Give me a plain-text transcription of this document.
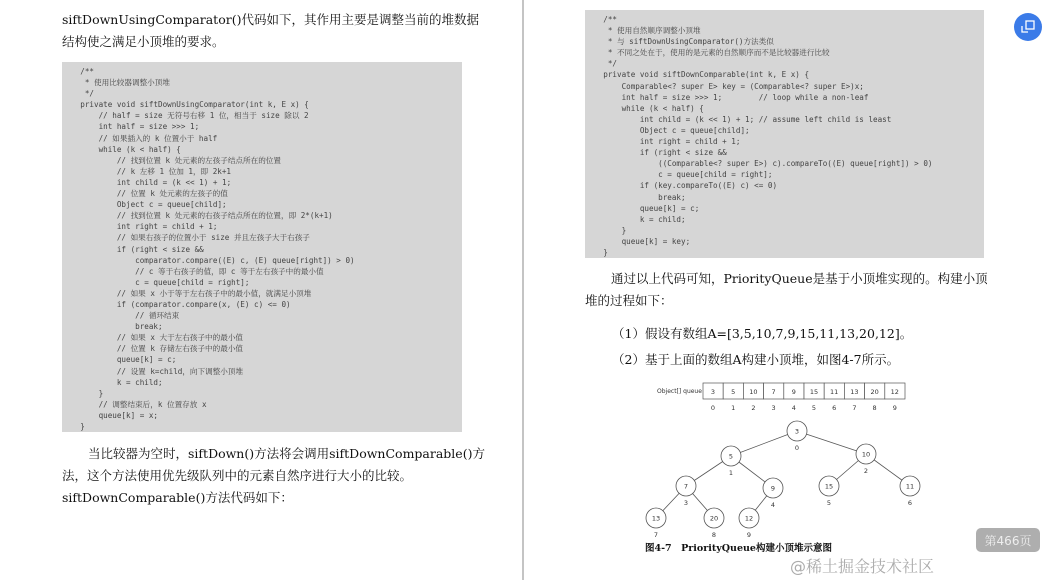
siftDownUsingComparator()代码如下，其作用主要是调整当前的堆数据
结构使之满足小顶堆的要求。
/**
* 使用比较器调整小顶堆
*/
private void siftDownUsingComparator(int k, E x) {
// half = size 无符号右移 1 位，相当于 size 除以 2
int half = size >>> 1;
// 如果插入的 k 位置小于 half
while (k < half) {
// 找到位置 k 处元素的左孩子结点所在的位置
// k 左移 1 位加 1，即 2k+1
int child = (k << 1) + 1;
// 位置 k 处元素的左孩子的值
Object c = queue[child];
// 找到位置 k 处元素的右孩子结点所在的位置，即 2*(k+1)
int right = child + 1;
// 如果右孩子的位置小于 size 并且左孩子大于右孩子
if (right < size &&
comparator.compare((E) c, (E) queue[right]) > 0)
// c 等于右孩子的值，即 c 等于左右孩子中的最小值
c = queue[child = right];
// 如果 x 小于等于左右孩子中的最小值，就满足小顶堆
if (comparator.compare(x, (E) c) <= 0)
// 循环结束
break;
// 如果 x 大于左右孩子中的最小值
// 位置 k 存储左右孩子中的最小值
queue[k] = c;
// 设置 k=child，向下调整小顶堆
k = child;
}
// 调整结束后，k 位置存放 x
queue[k] = x;
}
当比较器为空时，siftDown()方法将会调用siftDownComparable()方
法，这个方法使用优先级队列中的元素自然序进行大小的比较。
siftDownComparable()方法代码如下：
/**
* 使用自然顺序调整小顶堆
* 与 siftDownUsingComparator()方法类似
* 不同之处在于，使用的是元素的自然顺序而不是比较器进行比较
*/
private void siftDownComparable(int k, E x) {
Comparable<? super E> key = (Comparable<? super E>)x;
int half = size >>> 1;        // loop while a non-leaf
while (k < half) {
int child = (k << 1) + 1; // assume left child is least
Object c = queue[child];
int right = child + 1;
if (right < size &&
((Comparable<? super E>) c).compareTo((E) queue[right]) > 0)
c = queue[child = right];
if (key.compareTo((E) c) <= 0)
break;
queue[k] = c;
k = child;
}
queue[k] = key;
}
通过以上代码可知，PriorityQueue是基于小顶堆实现的。构建小顶
堆的过程如下：
（1）假设有数组A=[3,5,10,7,9,15,11,13,20,12]。
（2）基于上面的数组A构建小顶堆，如图4-7所示。
Object[] queue 3
0
5
1
10
2
7
3
9
4
15
5
11
6
13
7
20
8
12
9
3
0
5
1
10
2
7
3
9
4
15
5
11
6
13
7
20
8
12
9
图4-7　PriorityQueue构建小顶堆示意图
@稀土掘金技术社区
第466页
